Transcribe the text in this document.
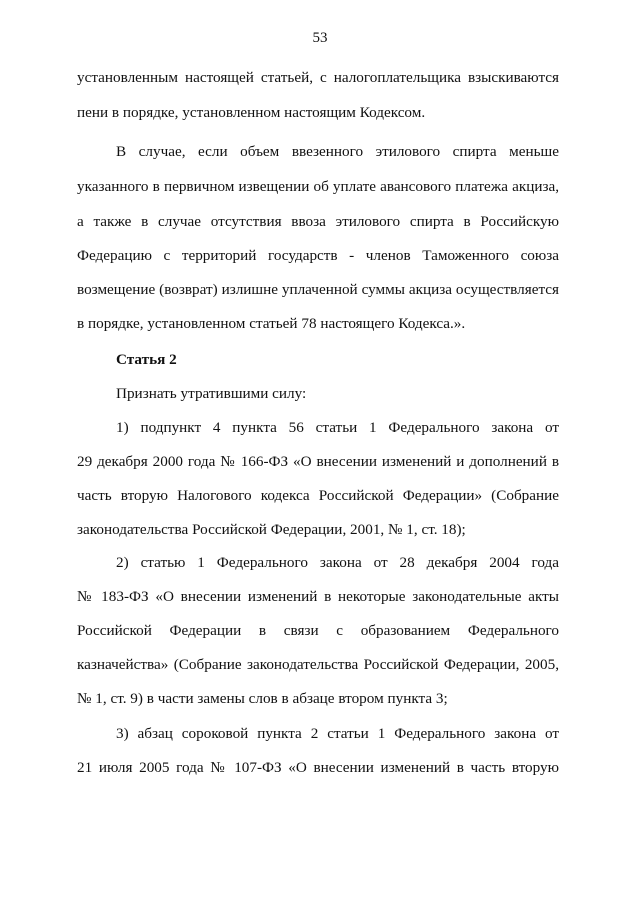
53

установленным настоящей статьей, с налогоплательщика взыскиваются

пени в порядке, установленном настоящим Кодексом.

В случае, если объем ввезенного этилового спирта меньше

указанного в первичном извещении об уплате авансового платежа акциза,

а также в случае отсутствия ввоза этилового спирта в Российскую

Федерацию с территорий государств - членов Таможенного союза

возмещение (возврат) излишне уплаченной суммы акциза осуществляется

в порядке, установленном статьей 78 настоящего Кодекса.».

Статья 2

Признать утратившими силу:

1) подпункт 4 пункта 56 статьи 1 Федерального закона от

29 декабря 2000 года № 166-ФЗ «О внесении изменений и дополнений в

часть вторую Налогового кодекса Российской Федерации» (Собрание

законодательства Российской Федерации, 2001, № 1, ст. 18);

2) статью 1 Федерального закона от 28 декабря 2004 года

№ 183-ФЗ «О внесении изменений в некоторые законодательные акты

Российской Федерации в связи с образованием Федерального

казначейства» (Собрание законодательства Российской Федерации, 2005,

№ 1, ст. 9) в части замены слов в абзаце втором пункта 3;

3) абзац сороковой пункта 2 статьи 1 Федерального закона от

21 июля 2005 года № 107-ФЗ «О внесении изменений в часть вторую
